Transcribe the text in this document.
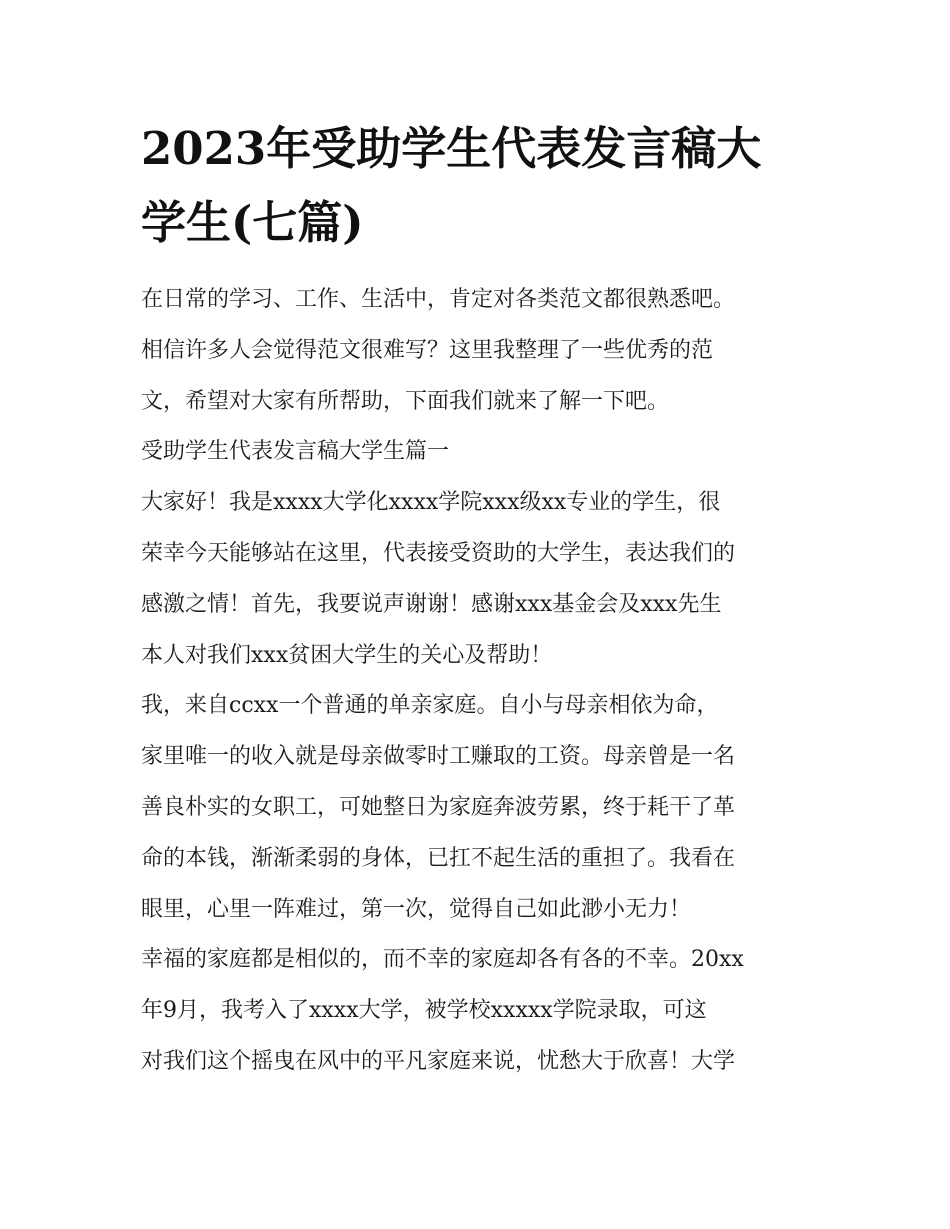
2023年受助学生代表发言稿大
学生(七篇)
在日常的学习、工作、生活中，肯定对各类范文都很熟悉吧。
相信许多人会觉得范文很难写？这里我整理了一些优秀的范
文，希望对大家有所帮助，下面我们就来了解一下吧。
受助学生代表发言稿大学生篇一
大家好！我是xxxx大学化xxxx学院xxx级xx专业的学生，很
荣幸今天能够站在这里，代表接受资助的大学生，表达我们的
感激之情！首先，我要说声谢谢！感谢xxx基金会及xxx先生
本人对我们xxx贫困大学生的关心及帮助！
我，来自ccxx一个普通的单亲家庭。自小与母亲相依为命，
家里唯一的收入就是母亲做零时工赚取的工资。母亲曾是一名
善良朴实的女职工，可她整日为家庭奔波劳累，终于耗干了革
命的本钱，渐渐柔弱的身体，已扛不起生活的重担了。我看在
眼里，心里一阵难过，第一次，觉得自己如此渺小无力！
幸福的家庭都是相似的，而不幸的家庭却各有各的不幸。20xx
年9月，我考入了xxxx大学，被学校xxxxx学院录取，可这
对我们这个摇曳在风中的平凡家庭来说，忧愁大于欣喜！大学
